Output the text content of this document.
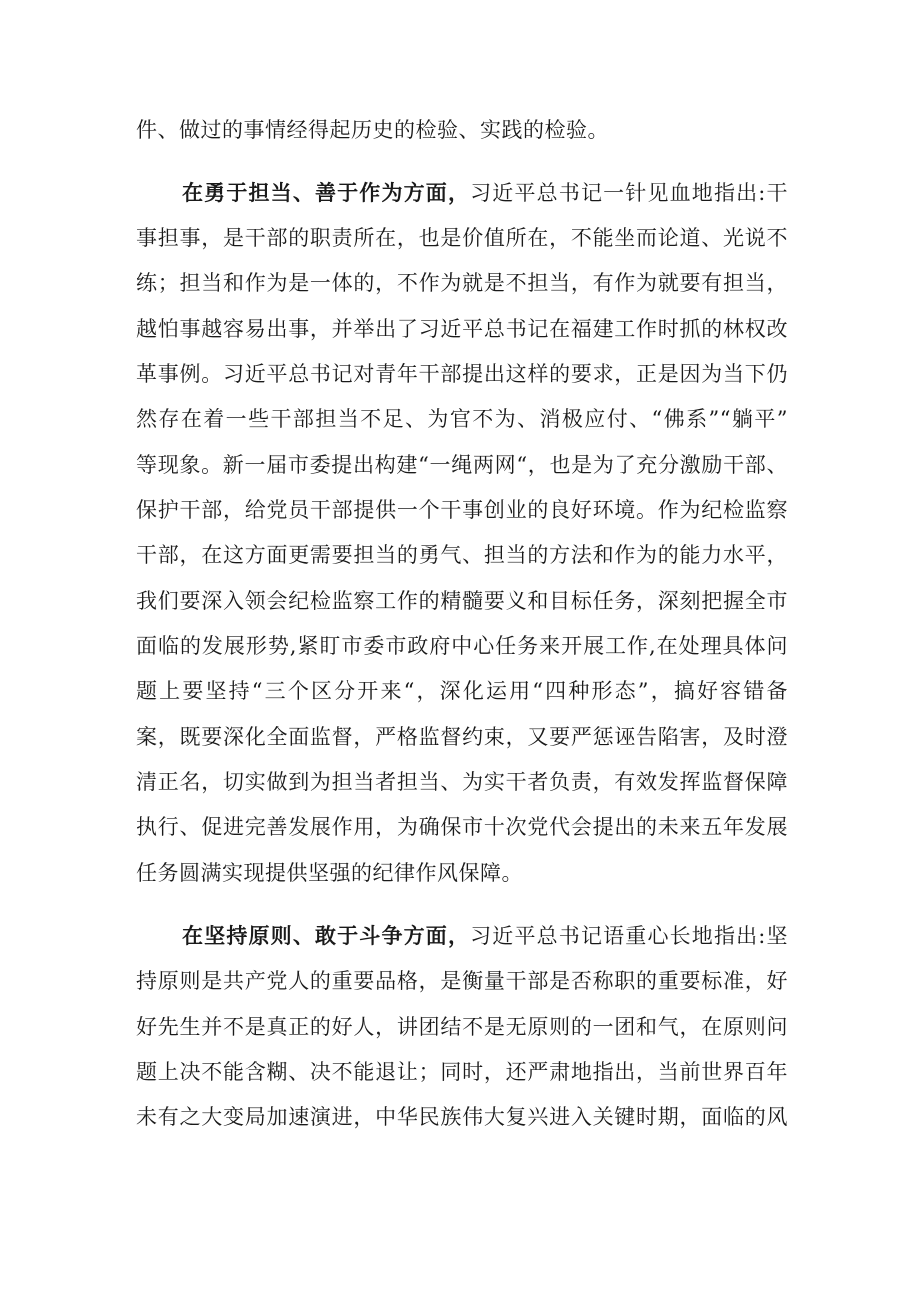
件、做过的事情经得起历史的检验、实践的检验。
在勇于担当、善于作为方面，习近平总书记一针见血地指出:干
事担事，是干部的职责所在，也是价值所在，不能坐而论道、光说不
练；担当和作为是一体的，不作为就是不担当，有作为就要有担当，
越怕事越容易出事，并举出了习近平总书记在福建工作时抓的林权改
革事例。习近平总书记对青年干部提出这样的要求，正是因为当下仍
然存在着一些干部担当不足、为官不为、消极应付、“佛系”“躺平”
等现象。新一届市委提出构建“一绳两网“，也是为了充分激励干部、
保护干部，给党员干部提供一个干事创业的良好环境。作为纪检监察
干部，在这方面更需要担当的勇气、担当的方法和作为的能力水平，
我们要深入领会纪检监察工作的精髓要义和目标任务，深刻把握全市
面临的发展形势,紧盯市委市政府中心任务来开展工作,在处理具体问
题上要坚持“三个区分开来“，深化运用“四种形态”，搞好容错备
案，既要深化全面监督，严格监督约束，又要严惩诬告陷害，及时澄
清正名，切实做到为担当者担当、为实干者负责，有效发挥监督保障
执行、促进完善发展作用，为确保市十次党代会提出的未来五年发展
任务圆满实现提供坚强的纪律作风保障。
在坚持原则、敢于斗争方面，习近平总书记语重心长地指出:坚
持原则是共产党人的重要品格，是衡量干部是否称职的重要标准，好
好先生并不是真正的好人，讲团结不是无原则的一团和气，在原则问
题上决不能含糊、决不能退让；同时，还严肃地指出，当前世界百年
未有之大变局加速演进，中华民族伟大复兴进入关键时期，面临的风
